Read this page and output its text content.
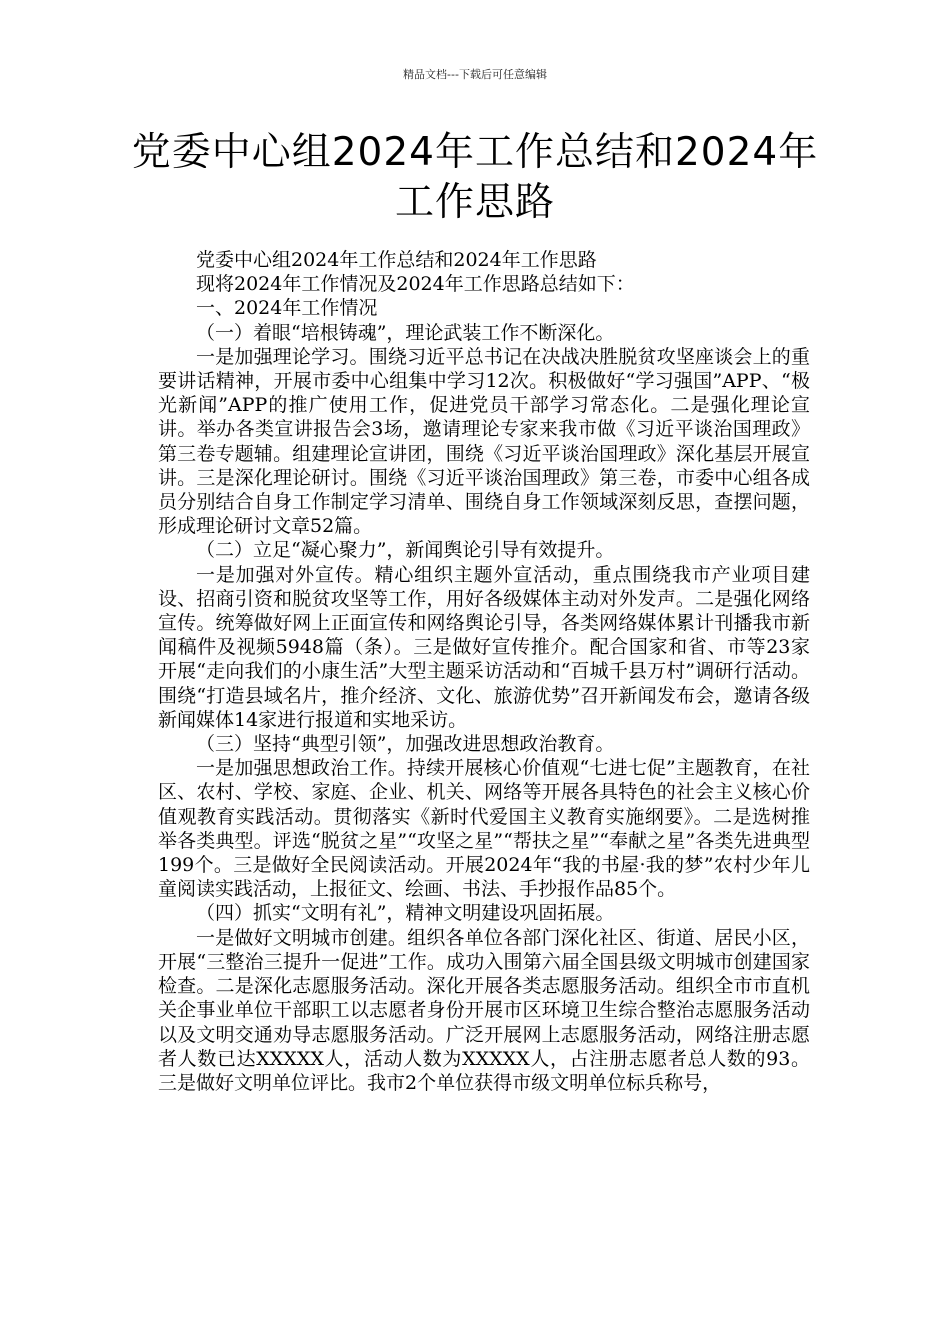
精品文档---下载后可任意编辑
党委中心组2024年工作总结和2024年工作思路

党委中心组2024年工作总结和2024年工作思路

现将2024年工作情况及2024年工作思路总结如下：

一、2024年工作情况

（一）着眼“培根铸魂”，理论武装工作不断深化。

一是加强理论学习。围绕习近平总书记在决战决胜脱贫攻坚座谈会上的重要讲话精神，开展市委中心组集中学习12次。积极做好“学习强国”APP、“极光新闻”APP的推广使用工作，促进党员干部学习常态化。二是强化理论宣讲。举办各类宣讲报告会3场，邀请理论专家来我市做《习近平谈治国理政》第三卷专题辅。组建理论宣讲团，围绕《习近平谈治国理政》深化基层开展宣讲。三是深化理论研讨。围绕《习近平谈治国理政》第三卷，市委中心组各成员分别结合自身工作制定学习清单、围绕自身工作领域深刻反思，查摆问题，形成理论研讨文章52篇。

（二）立足“凝心聚力”，新闻舆论引导有效提升。

一是加强对外宣传。精心组织主题外宣活动，重点围绕我市产业项目建设、招商引资和脱贫攻坚等工作，用好各级媒体主动对外发声。二是强化网络宣传。统筹做好网上正面宣传和网络舆论引导，各类网络媒体累计刊播我市新闻稿件及视频5948篇（条）。三是做好宣传推介。配合国家和省、市等23家开展“走向我们的小康生活”大型主题采访活动和“百城千县万村”调研行活动。围绕“打造县域名片，推介经济、文化、旅游优势”召开新闻发布会，邀请各级新闻媒体14家进行报道和实地采访。

（三）坚持“典型引领”，加强改进思想政治教育。

一是加强思想政治工作。持续开展核心价值观“七进七促”主题教育，在社区、农村、学校、家庭、企业、机关、网络等开展各具特色的社会主义核心价值观教育实践活动。贯彻落实《新时代爱国主义教育实施纲要》。二是选树推举各类典型。评选“脱贫之星”“攻坚之星”“帮扶之星”“奉献之星”各类先进典型199个。三是做好全民阅读活动。开展2024年“我的书屋·我的梦”农村少年儿童阅读实践活动，上报征文、绘画、书法、手抄报作品85个。

（四）抓实“文明有礼”，精神文明建设巩固拓展。

一是做好文明城市创建。组织各单位各部门深化社区、街道、居民小区，开展“三整治三提升一促进”工作。成功入围第六届全国县级文明城市创建国家检查。二是深化志愿服务活动。深化开展各类志愿服务活动。组织全市市直机关企事业单位干部职工以志愿者身份开展市区环境卫生综合整治志愿服务活动以及文明交通劝导志愿服务活动。广泛开展网上志愿服务活动，网络注册志愿者人数已达XXXXX人，活动人数为XXXXX人，占注册志愿者总人数的93。三是做好文明单位评比。我市2个单位获得市级文明单位标兵称号，
